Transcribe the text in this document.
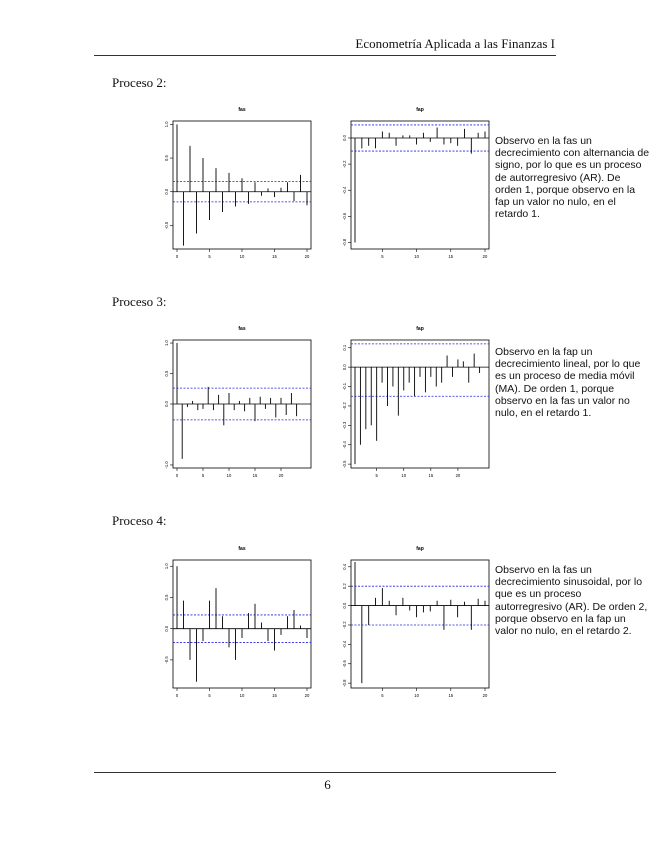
Econometría Aplicada a las Finanzas I
Proceso 2:
fas
1.0
0.5
0.0
-0.5
0	5	10	15	20
fap
0.0
-0.2
-0.4
-0.6
-0.8
5	10	15	20
Observo en la fas un decrecimiento con alternancia de signo, por lo que es un proceso de autorregresivo (AR). De orden 1, porque observo en la fap un valor no nulo, en el retardo 1.
Proceso 3:
fas
1.0
0.5
0.0
-1.0
0	5	10	15	20
fap
0.1
0.0
-0.1
-0.2
-0.3
-0.4
-0.5
5	10	15	20
Observo en la fap un decrecimiento lineal, por lo que es un proceso de media móvil (MA). De orden 1, porque observo en la fas un valor no nulo, en el retardo 1.
Proceso 4:
fas
1.0
0.5
0.0
-0.5
0	5	10	15	20
fap
0.4
0.2
0.0
-0.2
-0.4
-0.6
-0.8
5	10	15	20
Observo en la fas un decrecimiento sinusoidal, por lo que es un proceso autorregresivo (AR). De orden 2, porque observo en la fap un valor no nulo, en el retardo 2.
6
